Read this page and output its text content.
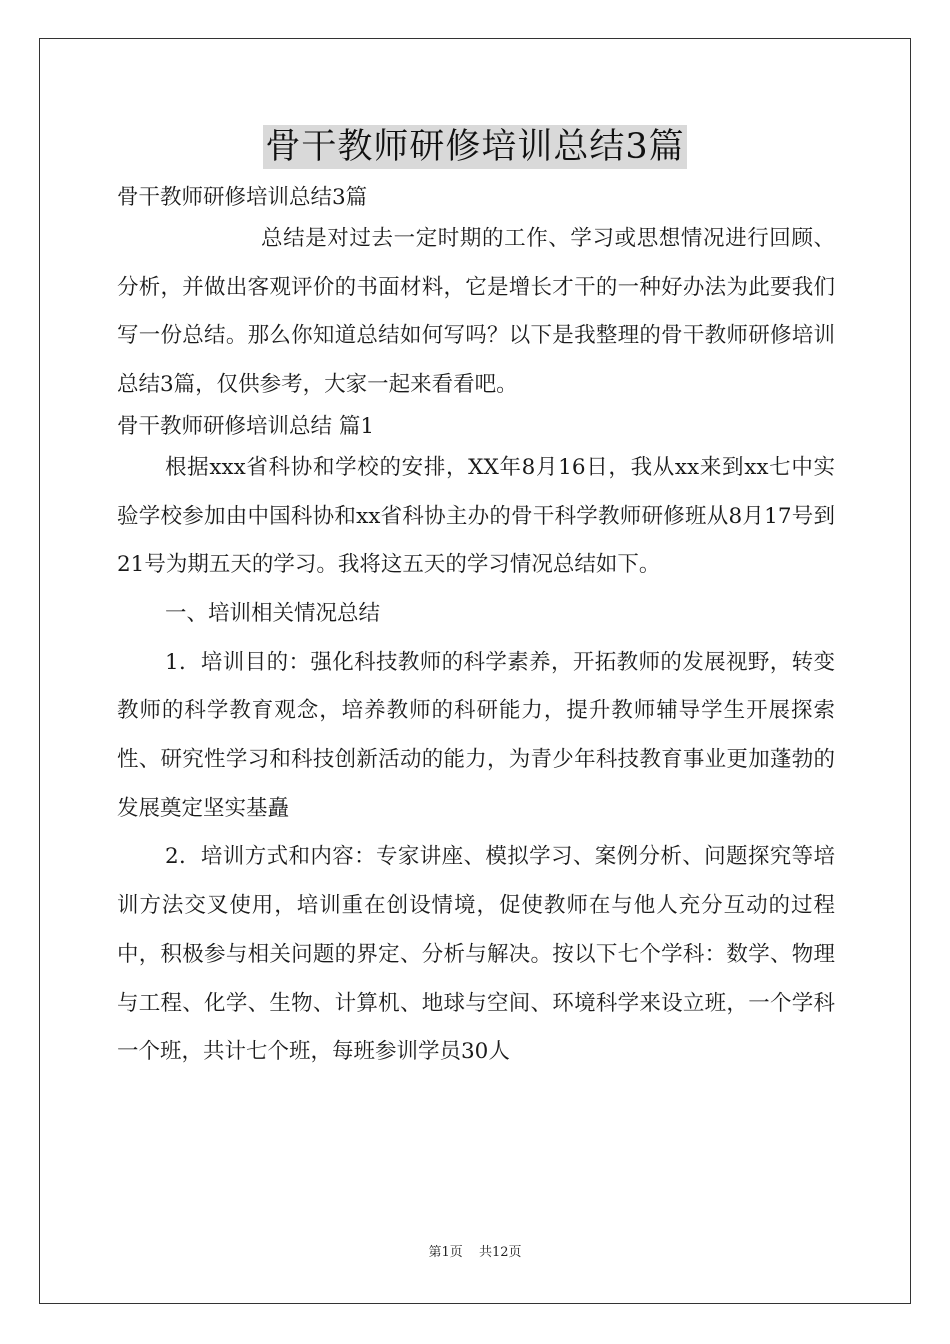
骨干教师研修培训总结3篇

骨干教师研修培训总结3篇

总结是对过去一定时期的工作、学习或思想情况进行回顾、分析，并做出客观评价的书面材料，它是增长才干的一种好办法为此要我们写一份总结。那么你知道总结如何写吗？以下是我整理的骨干教师研修培训总结3篇，仅供参考，大家一起来看看吧。

骨干教师研修培训总结 篇1

根据xxx省科协和学校的安排，XX年8月16日，我从xx来到xx七中实验学校参加由中国科协和xx省科协主办的骨干科学教师研修班从8月17号到21号为期五天的学习。我将这五天的学习情况总结如下。

一、培训相关情况总结

1．培训目的：强化科技教师的科学素养，开拓教师的发展视野，转变教师的科学教育观念，培养教师的科研能力，提升教师辅导学生开展探索性、研究性学习和科技创新活动的能力，为青少年科技教育事业更加蓬勃的发展奠定坚实基矗

2．培训方式和内容：专家讲座、模拟学习、案例分析、问题探究等培训方法交叉使用，培训重在创设情境，促使教师在与他人充分互动的过程中，积极参与相关问题的界定、分析与解决。按以下七个学科：数学、物理与工程、化学、生物、计算机、地球与空间、环境科学来设立班，一个学科一个班，共计七个班，每班参训学员30人

第1页 共12页
